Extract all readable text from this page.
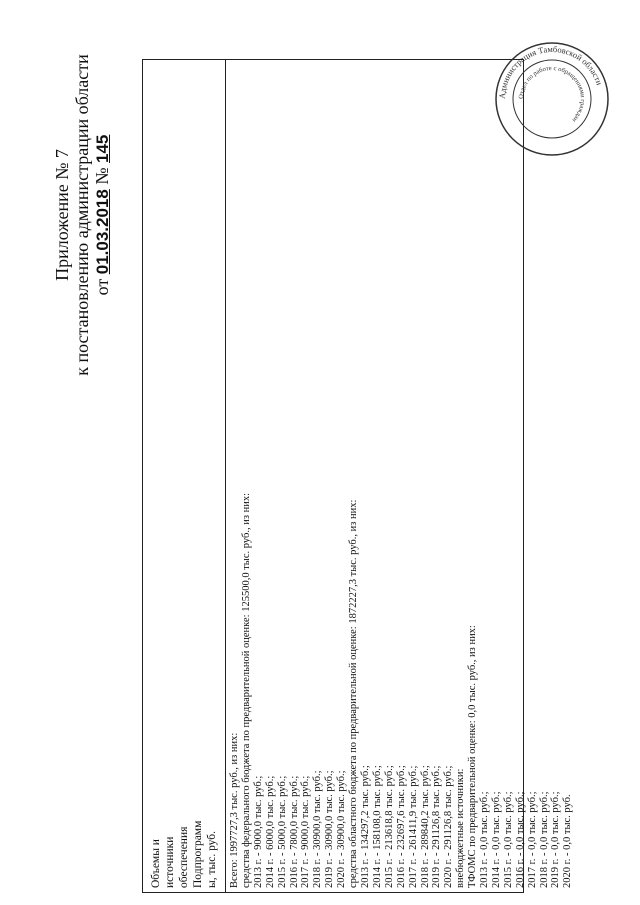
Приложение № 7 к постановлению администрации области от 01.03.2018 № 145
Объемы и источники обеспечения Подпрограмм ы, тыс. руб. Всего: 1997727,3 тыс. руб., из них: средства федерального бюджета по предварительной оценке: 125500,0 тыс. руб., из них: 2013 г. - 9000,0 тыс. руб.; 2014 г. - 6000,0 тыс. руб.; 2015 г. - 5000,0 тыс. руб.; 2016 г. - 7800,0 тыс. руб.; 2017 г. - 9000,0 тыс. руб.; 2018 г. - 30900,0 тыс. руб.; 2019 г. - 30900,0 тыс. руб.; 2020 г. - 30900,0 тыс. руб.; средства областного бюджета по предварительной оценке: 1872227,3 тыс. руб., из них: 2013 г. - 134297,2 тыс. руб.; 2014 г. - 158108,0 тыс. руб.; 2015 г. - 213618,8 тыс. руб.; 2016 г. - 232697,6 тыс. руб.; 2017 г. - 261411,9 тыс. руб.; 2018 г. - 289840,2 тыс. руб.; 2019 г. - 291126,8 тыс. руб.; 2020 г. - 291126,8 тыс. руб.; внебюджетные источники: ТФОМС по предварительной оценке: 0,0 тыс. руб., из них: 2013 г. - 0,0 тыс. руб.; 2014 г. - 0,0 тыс. руб.; 2015 г. - 0,0 тыс. руб.; 2016 г. - 0,0 тыс. руб.; 2017 г. - 0,0 тыс. руб.; 2018 г. - 0,0 тыс. руб.; 2019 г. - 0,0 тыс. руб.; 2020 г. - 0,0 тыс. руб.
Администрация Тамбовской области
Отдел по работе с обращениями граждан
